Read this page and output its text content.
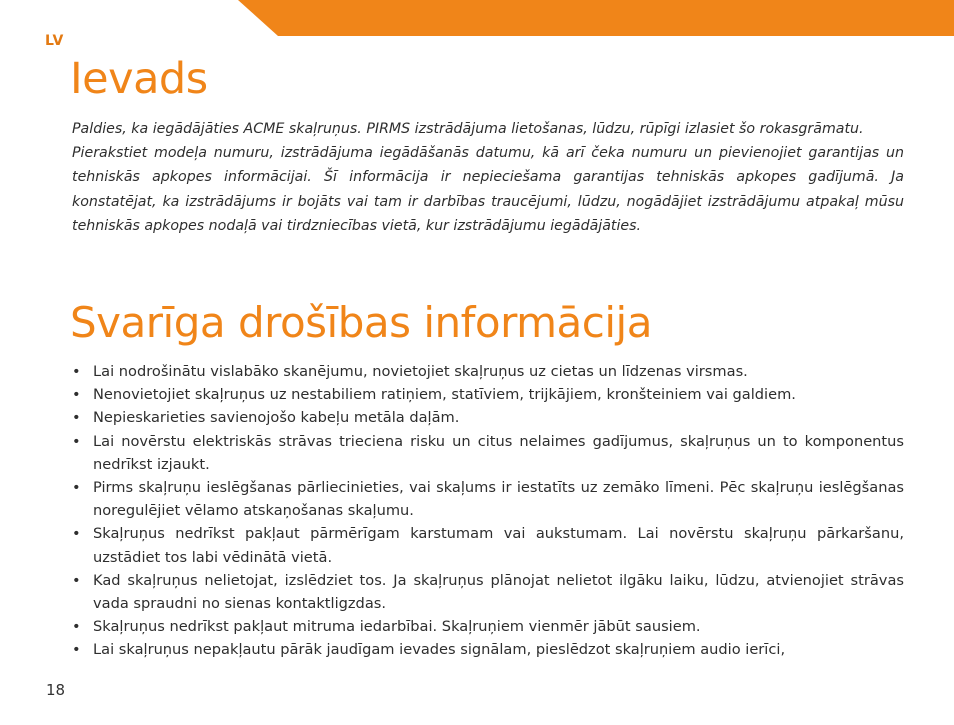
LV
Ievads

Paldies, ka iegādājāties ACME skaļruņus. PIRMS izstrādājuma lietošanas, lūdzu, rūpīgi izlasiet šo rokasgrāmatu.

Pierakstiet modeļa numuru, izstrādājuma iegādāšanās datumu, kā arī čeka numuru un pievienojiet garantijas un tehniskās apkopes informācijai. Šī informācija ir nepieciešama garantijas tehniskās apkopes gadījumā. Ja konstatējat, ka izstrādājums ir bojāts vai tam ir darbības traucējumi, lūdzu, nogādājiet izstrādājumu atpakaļ mūsu tehniskās apkopes nodaļā vai tirdzniecības vietā, kur izstrādājumu iegādājāties.

Svarīga drošības informācija
• Lai nodrošinātu vislabāko skanējumu, novietojiet skaļruņus uz cietas un līdzenas virsmas.
• Nenovietojiet skaļruņus uz nestabiliem ratiņiem, statīviem, trijkājiem, kronšteiniem vai galdiem.
• Nepieskarieties savienojošo kabeļu metāla daļām.
• Lai novērstu elektriskās strāvas trieciena risku un citus nelaimes gadījumus, skaļruņus un to komponentus nedrīkst izjaukt.
• Pirms skaļruņu ieslēgšanas pārliecinieties, vai skaļums ir iestatīts uz zemāko līmeni. Pēc skaļruņu ieslēgšanas noregulējiet vēlamo atskaņošanas skaļumu.
• Skaļruņus nedrīkst pakļaut pārmērīgam karstumam vai aukstumam. Lai novērstu skaļruņu pārkaršanu, uzstādiet tos labi vēdinātā vietā.
• Kad skaļruņus nelietojat, izslēdziet tos. Ja skaļruņus plānojat nelietot ilgāku laiku, lūdzu, atvienojiet strāvas vada spraudni no sienas kontaktligzdas.
• Skaļruņus nedrīkst pakļaut mitruma iedarbībai. Skaļruņiem vienmēr jābūt sausiem.
• Lai skaļruņus nepakļautu pārāk jaudīgam ievades signālam, pieslēdzot skaļruņiem audio ierīci,
18
